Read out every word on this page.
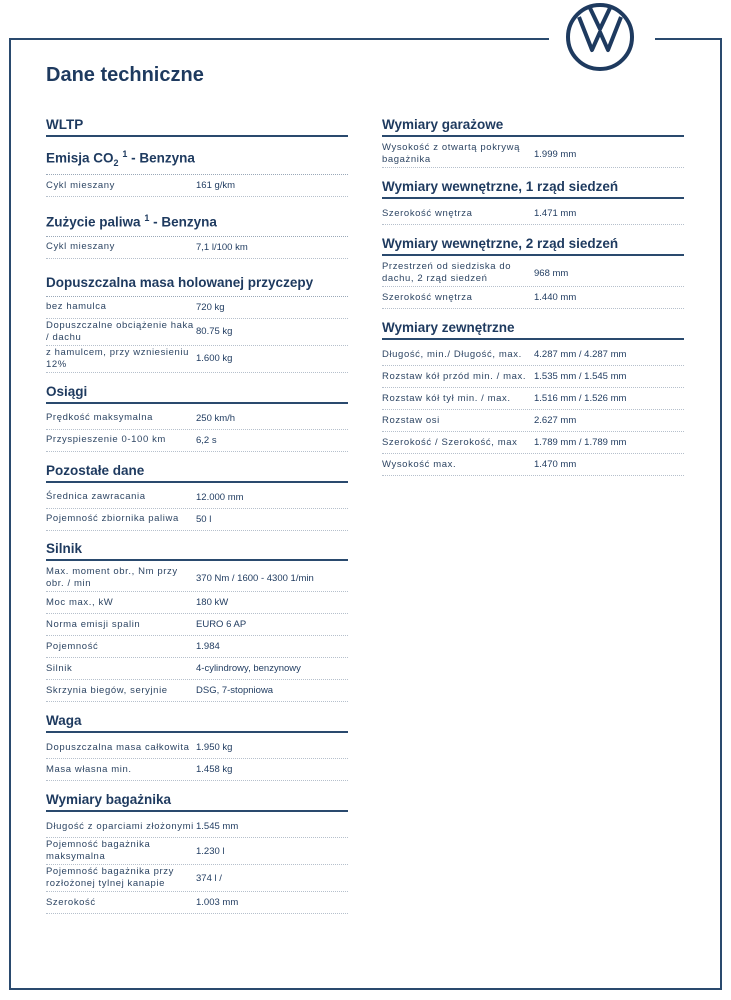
Dane techniczne
WLTP
Emisja $CO_2$ $^1$ - Benzyna
Cykl mieszany	161 g/km
Zużycie paliwa $^1$ - Benzyna
Cykl mieszany	7,1 l/100 km
Dopuszczalna masa holowanej przyczepy
bez hamulca	720 kg
Dopuszczalne obciążenie haka / dachu	80.75 kg
z hamulcem, przy wzniesieniu 12%	1.600 kg
Osiągi
Prędkość maksymalna	250 km/h
Przyspieszenie 0-100 km	6,2 s
Pozostałe dane
Średnica zawracania	12.000 mm
Pojemność zbiornika paliwa	50 l
Wymiary garażowe
Wysokość z otwartą pokrywą bagażnika	1.999 mm
Wymiary wewnętrzne, 1 rząd siedzeń
Szerokość wnętrza	1.471 mm
Wymiary wewnętrzne, 2 rząd siedzeń
Przestrzeń od siedziska do dachu, 2 rząd siedzeń	968 mm
Szerokość wnętrza	1.440 mm
Wymiary zewnętrzne
Długość, min./ Długość, max.	4.287 mm / 4.287 mm
Rozstaw kół przód min. / max. 1.535 mm / 1.545 mm
Rozstaw kół tył min. / max.	1.516 mm / 1.526 mm
Rozstaw osi	2.627 mm
Szerokość / Szerokość, max	1.789 mm / 1.789 mm
Wysokość max.	1.470 mm
Silnik
Max. moment obr., Nm przy obr. / min	370 Nm / 1600 - 4300 1/min
Moc max., kW	180 kW
Norma emisji spalin	EURO 6 AP
Pojemność	1.984
Silnik	4-cylindrowy, benzynowy
Skrzynia biegów, seryjnie	DSG, 7-stopniowa
Waga
Dopuszczalna masa całkowita 1.950 kg
Masa własna min.	1.458 kg
Wymiary bagażnika
Długość z oparciami złożonymi 1.545 mm
Pojemność bagażnika maksymalna	1.230 l
Pojemność bagażnika przy rozłożonej tylnej kanapie	374 l /
Szerokość	1.003 mm
